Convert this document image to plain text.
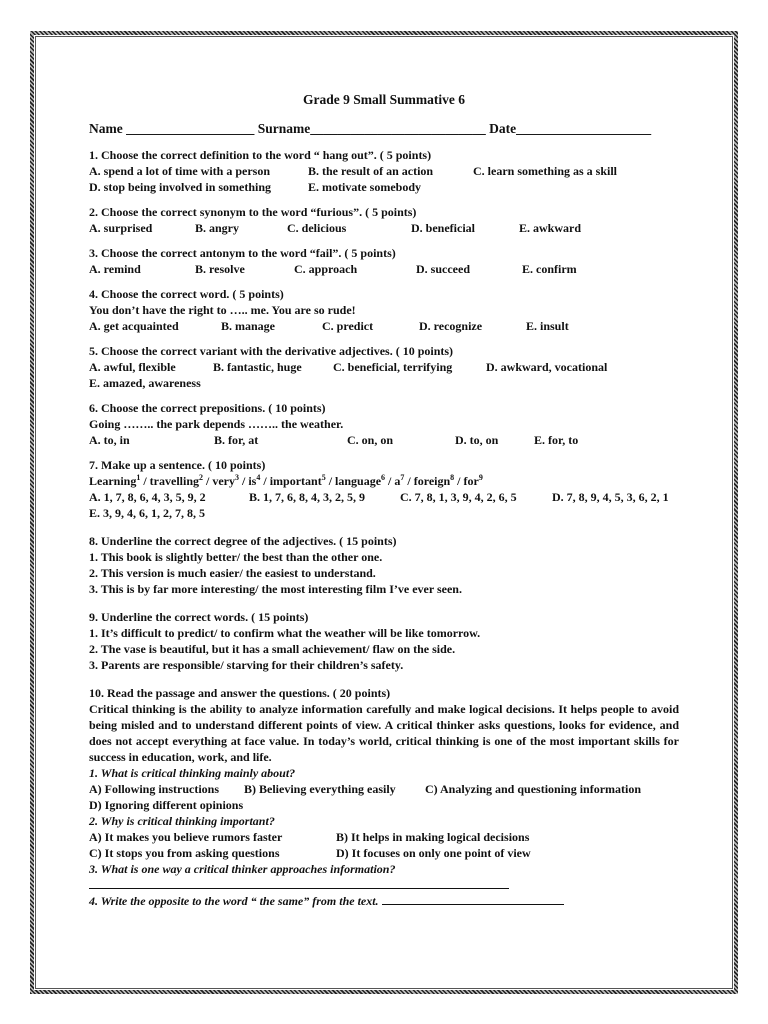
Grade 9 Small Summative 6
Name ___________________ Surname__________________________ Date____________________
1. Choose the correct definition to the word “ hang out”. ( 5 points)
A. spend a lot of time with a person	B. the result of an action	C. learn something as a skill
D. stop being involved in something	E. motivate somebody
2. Choose the correct synonym to the word “furious”. ( 5 points)
A. surprised	B. angry	C. delicious	D. beneficial	E. awkward
3. Choose the correct antonym to the word “fail”. ( 5 points)
A. remind	B. resolve	C. approach	D. succeed	E. confirm
4. Choose the correct word. ( 5 points)
You don’t have the right to ….. me. You are so rude!
A. get acquainted	B. manage	C. predict	D. recognize	E. insult
5. Choose the correct variant with the derivative adjectives. ( 10 points)
A. awful, flexible	B. fantastic, huge	C. beneficial, terrifying	D. awkward, vocational
E. amazed, awareness
6. Choose the correct prepositions. ( 10 points)
Going …….. the park depends …….. the weather.
A. to, in	B. for, at	C. on, on	D. to, on	E. for, to
7. Make up a sentence. ( 10 points)
Learning$^1$ / travelling$^2$ / very$^3$ / $is^4$ / important$^5$ / language$^6$ / $a^7$ / foreign$^8$ / for$^9$
A. 1, 7, 8, 6, 4, 3, 5, 9, 2	B. 1, 7, 6, 8, 4, 3, 2, 5, 9	C. 7, 8, 1, 3, 9, 4, 2, 6, 5	D. 7, 8, 9, 4, 5, 3, 6, 2, 1
E. 3, 9, 4, 6, 1, 2, 7, 8, 5
8. Underline the correct degree of the adjectives. ( 15 points)
1. This book is slightly better/ the best than the other one.
2. This version is much easier/ the easiest to understand.
3. This is by far more interesting/ the most interesting film I’ve ever seen.
9. Underline the correct words. ( 15 points)
1. It’s difficult to predict/ to confirm what the weather will be like tomorrow.
2. The vase is beautiful, but it has a small achievement/ flaw on the side.
3. Parents are responsible/ starving for their children’s safety.
10. Read the passage and answer the questions. ( 20 points)
Critical thinking is the ability to analyze information carefully and make logical decisions. It helps people to avoid being misled and to understand different points of view. A critical thinker asks questions, looks for evidence, and does not accept everything at face value. In today’s world, critical thinking is one of the most important skills for success in education, work, and life.
1. What is critical thinking mainly about?
A) Following instructions B) Believing everything easily C) Analyzing and questioning information
D) Ignoring different opinions
2. Why is critical thinking important?
A) It makes you believe rumors faster	B) It helps in making logical decisions
C) It stops you from asking questions	D) It focuses on only one point of view
3. What is one way a critical thinker approaches information?
4. Write the opposite to the word “ the same” from the text.
